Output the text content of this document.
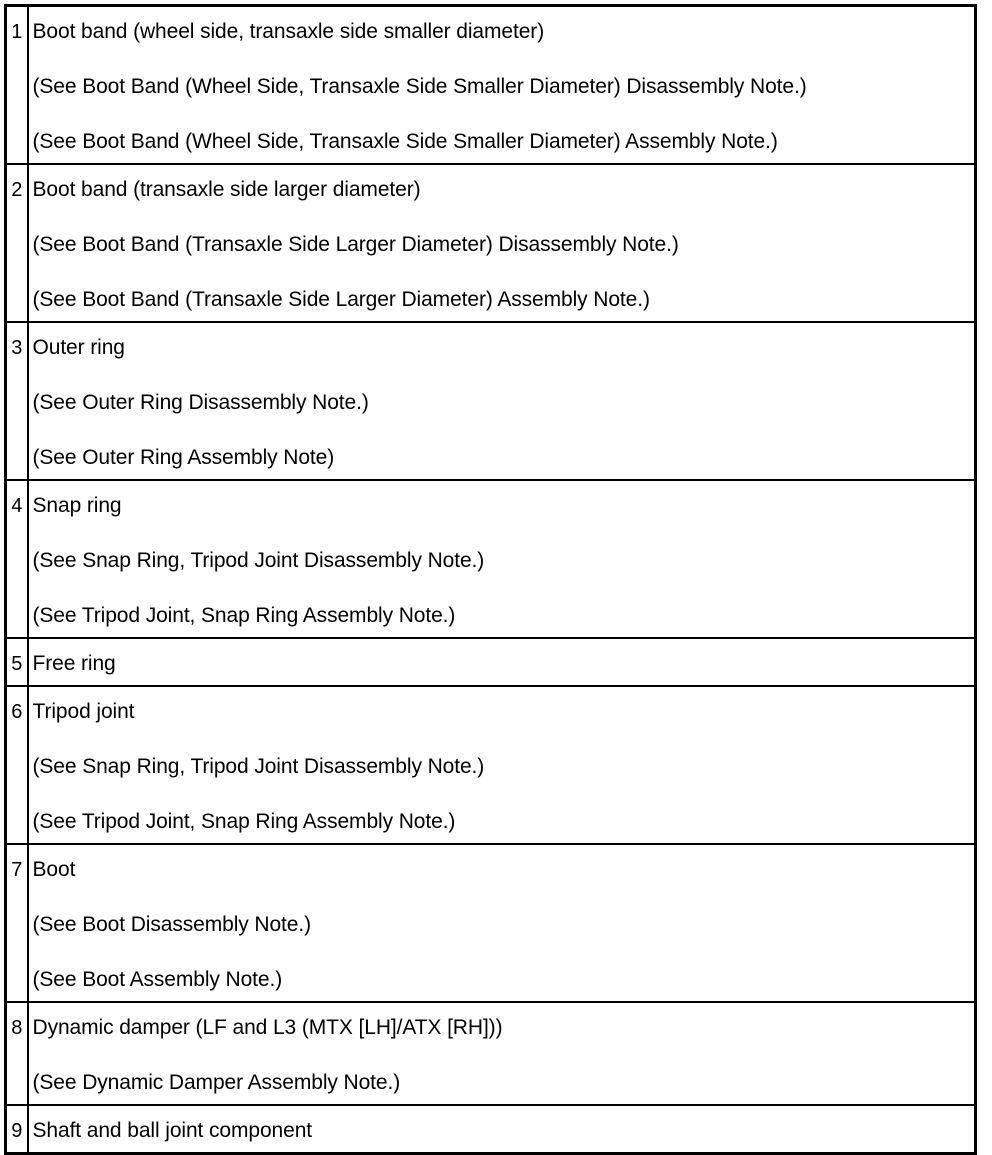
1	Boot band (wheel side, transaxle side smaller diameter)
(See Boot Band (Wheel Side, Transaxle Side Smaller Diameter) Disassembly Note.)
(See Boot Band (Wheel Side, Transaxle Side Smaller Diameter) Assembly Note.)

2	Boot band (transaxle side larger diameter)
(See Boot Band (Transaxle Side Larger Diameter) Disassembly Note.)
(See Boot Band (Transaxle Side Larger Diameter) Assembly Note.)

3	Outer ring
(See Outer Ring Disassembly Note.)
(See Outer Ring Assembly Note)

4	Snap ring
(See Snap Ring, Tripod Joint Disassembly Note.)
(See Tripod Joint, Snap Ring Assembly Note.)

5	Free ring

6	Tripod joint
(See Snap Ring, Tripod Joint Disassembly Note.)
(See Tripod Joint, Snap Ring Assembly Note.)

7	Boot
(See Boot Disassembly Note.)
(See Boot Assembly Note.)

8	Dynamic damper (LF and L3 (MTX [LH]/ATX [RH]))
(See Dynamic Damper Assembly Note.)

9	Shaft and ball joint component
